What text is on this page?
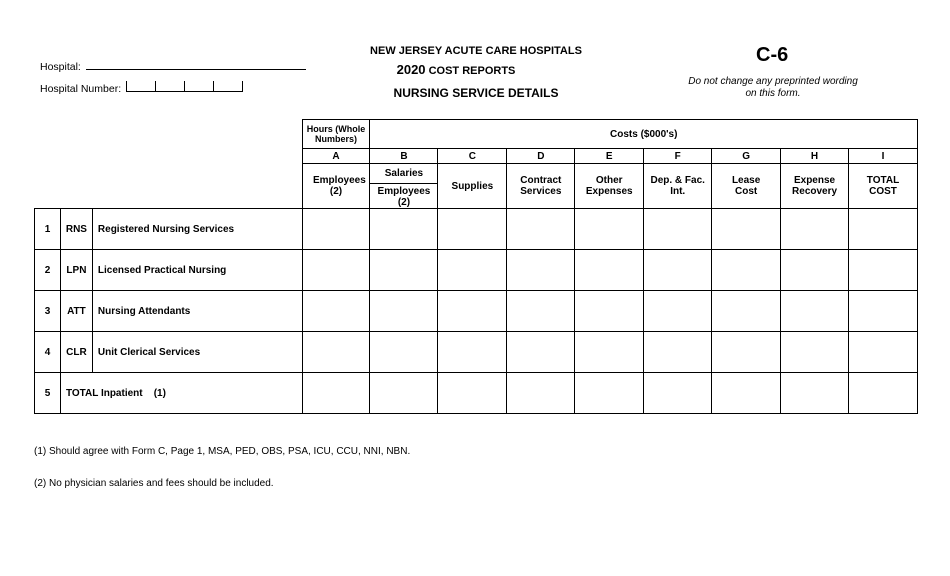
Hospital:
Hospital Number:
NEW JERSEY ACUTE CARE HOSPITALS
2020 COST REPORTS
NURSING SERVICE DETAILS
C-6
Do not change any preprinted wording on this form.
			Hours (Whole Numbers)	Costs ($000's)							
			A	B	C	D	E	F	G	H	I

			Employees (2)	Salaries
Employees (2)	Supplies	Contract Services	Other Expenses	Dep. & Fac. Int.	Lease Cost	Expense Recovery	TOTAL COST

1	RNS	Registered Nursing Services									
2	LPN	Licensed Practical Nursing									
3	ATT	Nursing Attendants									
4	CLR	Unit Clerical Services									
5	TOTAL Inpatient    (1)										
(1) Should agree with Form C, Page 1, MSA, PED, OBS, PSA, ICU, CCU, NNI, NBN.
(2) No physician salaries and fees should be included.
